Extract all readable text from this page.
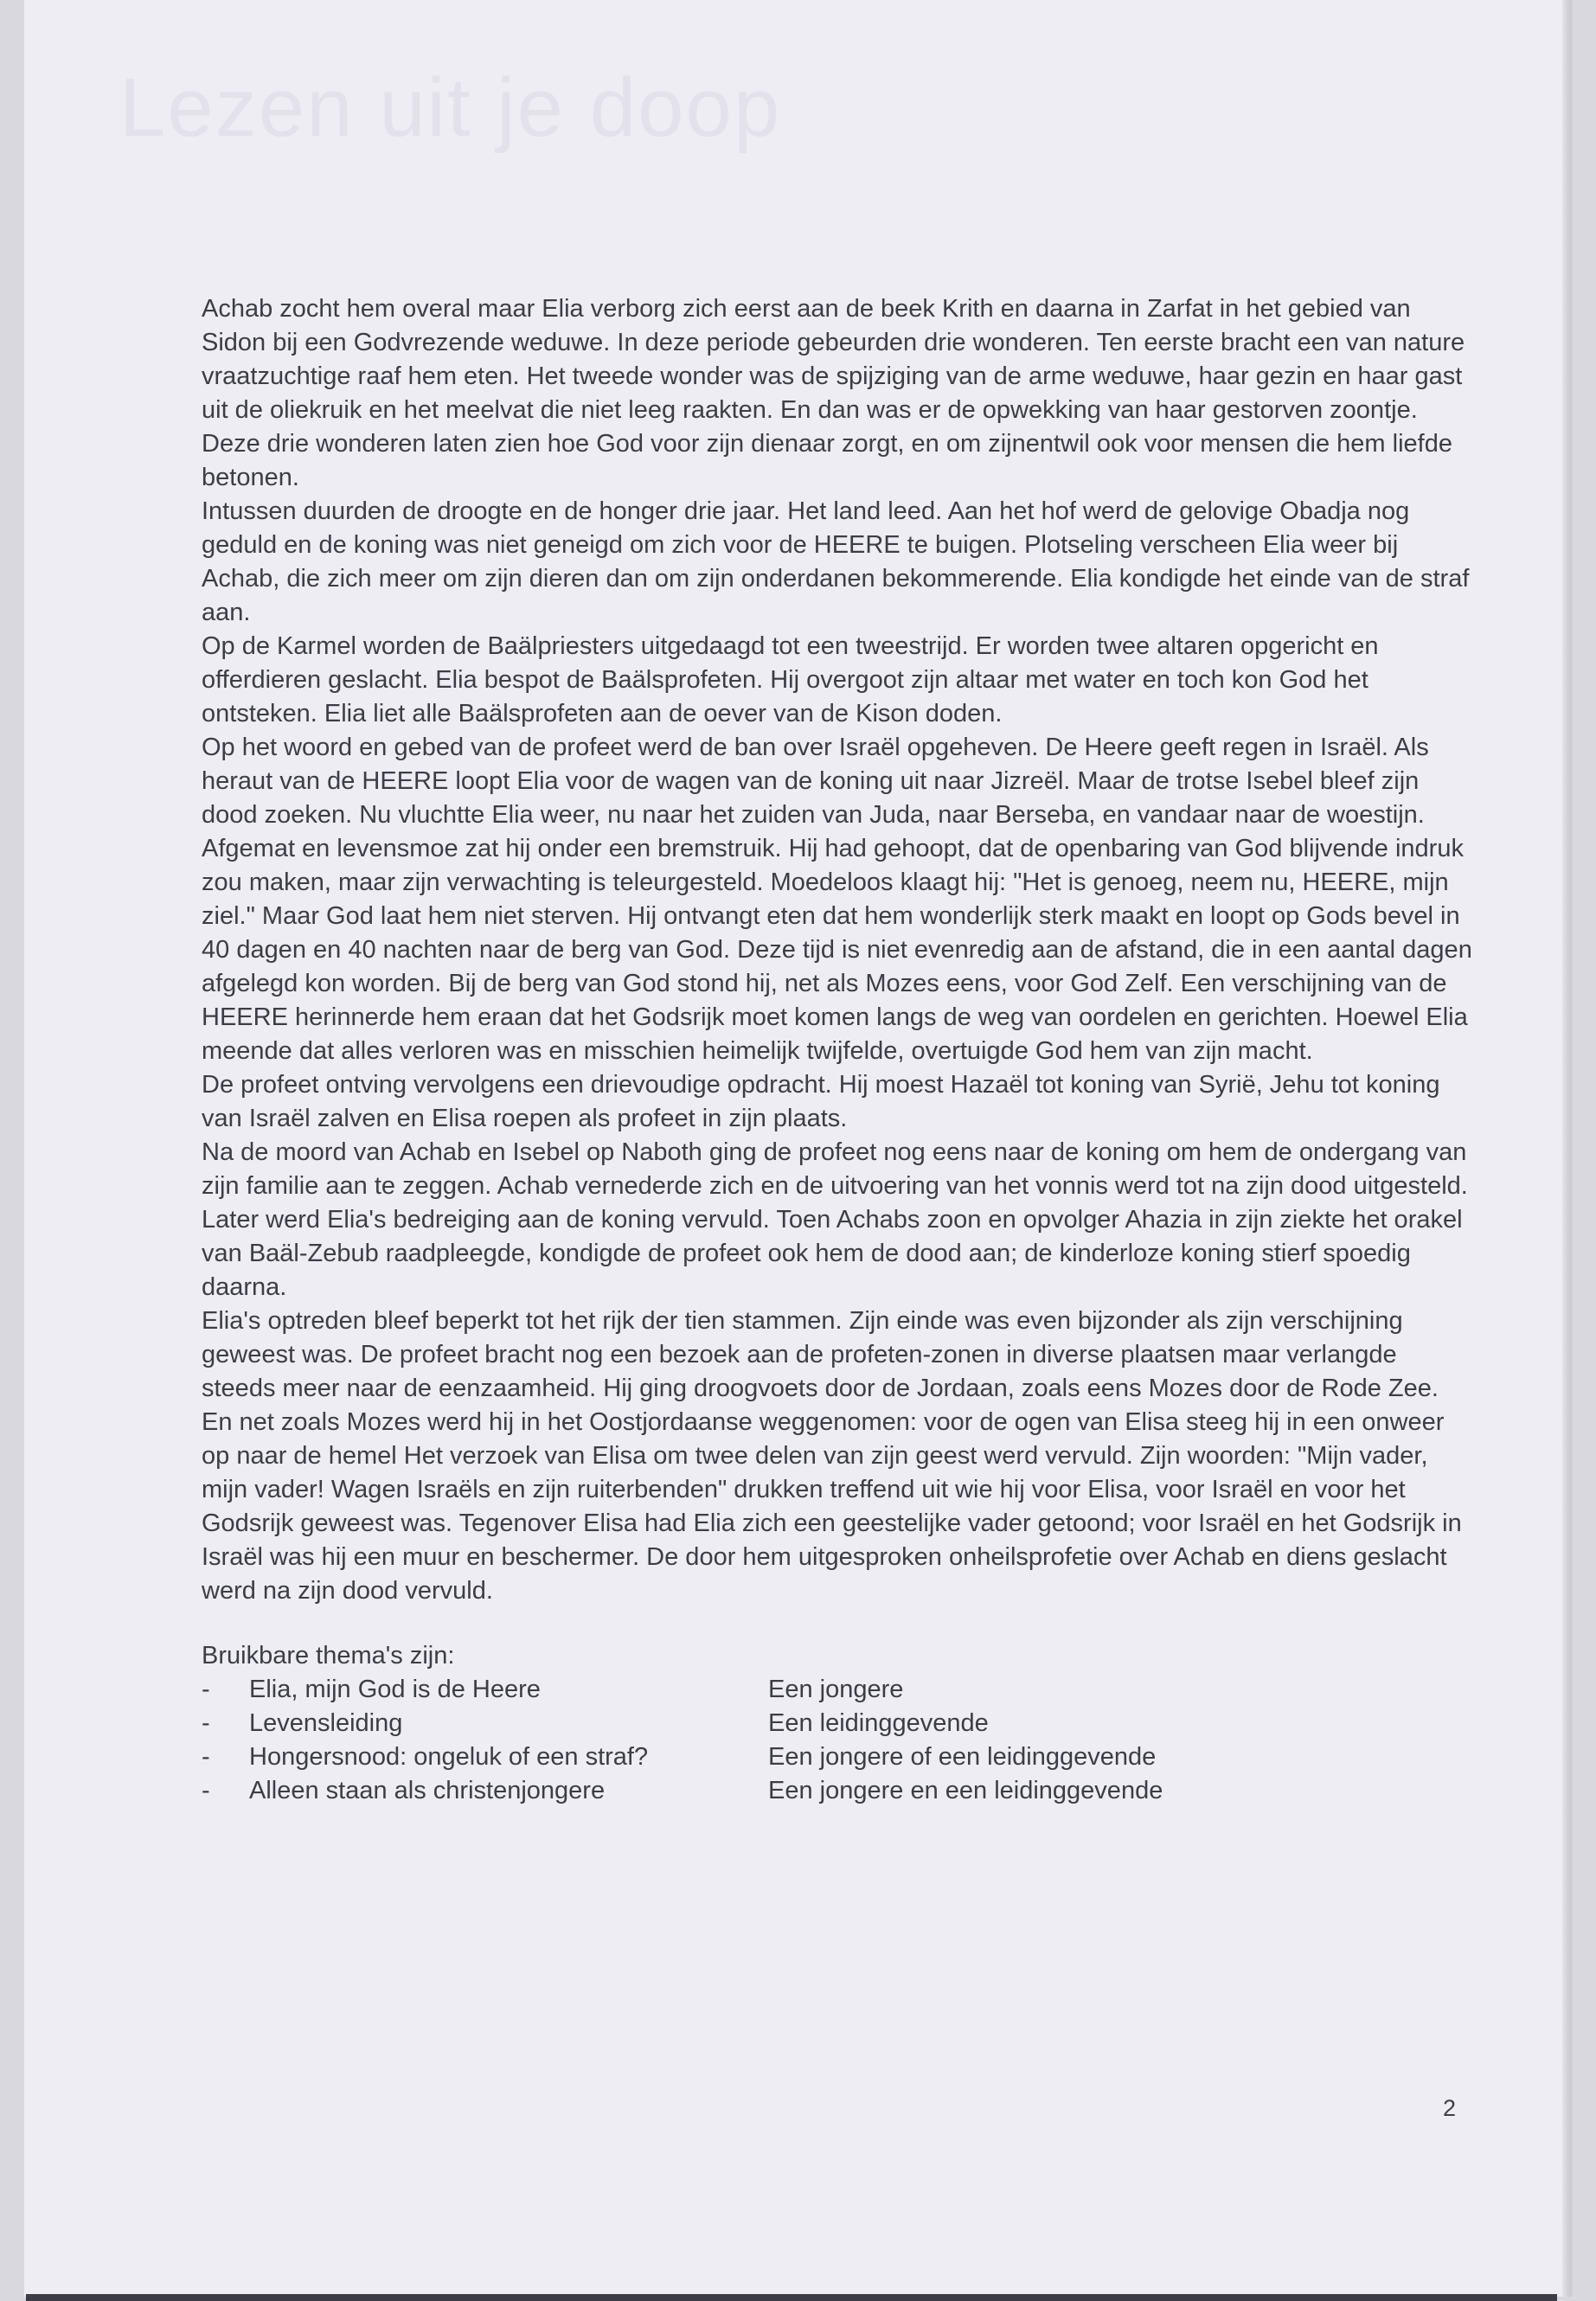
Lezen uit je doop

Achab zocht hem overal maar Elia verborg zich eerst aan de beek Krith en daarna in Zarfat in het gebied van Sidon bij een Godvrezende weduwe. In deze periode gebeurden drie wonderen. Ten eerste bracht een van nature vraatzuchtige raaf hem eten. Het tweede wonder was de spijziging van de arme weduwe, haar gezin en haar gast uit de oliekruik en het meelvat die niet leeg raakten. En dan was er de opwekking van haar gestorven zoontje. Deze drie wonderen laten zien hoe God voor zijn dienaar zorgt, en om zijnentwil ook voor mensen die hem liefde betonen.

Intussen duurden de droogte en de honger drie jaar. Het land leed. Aan het hof werd de gelovige Obadja nog geduld en de koning was niet geneigd om zich voor de HEERE te buigen. Plotseling verscheen Elia weer bij Achab, die zich meer om zijn dieren dan om zijn onderdanen bekommerende. Elia kondigde het einde van de straf aan.

Op de Karmel worden de Baälpriesters uitgedaagd tot een tweestrijd. Er worden twee altaren opgericht en offerdieren geslacht. Elia bespot de Baälsprofeten. Hij overgoot zijn altaar met water en toch kon God het ontsteken. Elia liet alle Baälsprofeten aan de oever van de Kison doden.

Op het woord en gebed van de profeet werd de ban over Israël opgeheven. De Heere geeft regen in Israël. Als heraut van de HEERE loopt Elia voor de wagen van de koning uit naar Jizreël. Maar de trotse Isebel bleef zijn dood zoeken. Nu vluchtte Elia weer, nu naar het zuiden van Juda, naar Berseba, en vandaar naar de woestijn. Afgemat en levensmoe zat hij onder een bremstruik. Hij had gehoopt, dat de openbaring van God blijvende indruk zou maken, maar zijn verwachting is teleurgesteld. Moedeloos klaagt hij: "Het is genoeg, neem nu, HEERE, mijn ziel." Maar God laat hem niet sterven. Hij ontvangt eten dat hem wonderlijk sterk maakt en loopt op Gods bevel in 40 dagen en 40 nachten naar de berg van God. Deze tijd is niet evenredig aan de afstand, die in een aantal dagen afgelegd kon worden. Bij de berg van God stond hij, net als Mozes eens, voor God Zelf. Een verschijning van de HEERE herinnerde hem eraan dat het Godsrijk moet komen langs de weg van oordelen en gerichten. Hoewel Elia meende dat alles verloren was en misschien heimelijk twijfelde, overtuigde God hem van zijn macht.

De profeet ontving vervolgens een drievoudige opdracht. Hij moest Hazaël tot koning van Syrië, Jehu tot koning van Israël zalven en Elisa roepen als profeet in zijn plaats.

Na de moord van Achab en Isebel op Naboth ging de profeet nog eens naar de koning om hem de ondergang van zijn familie aan te zeggen. Achab vernederde zich en de uitvoering van het vonnis werd tot na zijn dood uitgesteld. Later werd Elia's bedreiging aan de koning vervuld. Toen Achabs zoon en opvolger Ahazia in zijn ziekte het orakel van Baäl-Zebub raadpleegde, kondigde de profeet ook hem de dood aan; de kinderloze koning stierf spoedig daarna.

Elia's optreden bleef beperkt tot het rijk der tien stammen. Zijn einde was even bijzonder als zijn verschijning geweest was. De profeet bracht nog een bezoek aan de profeten-zonen in diverse plaatsen maar verlangde steeds meer naar de eenzaamheid. Hij ging droogvoets door de Jordaan, zoals eens Mozes door de Rode Zee. En net zoals Mozes werd hij in het Oostjordaanse weggenomen: voor de ogen van Elisa steeg hij in een onweer op naar de hemel Het verzoek van Elisa om twee delen van zijn geest werd vervuld. Zijn woorden: "Mijn vader, mijn vader! Wagen Israëls en zijn ruiterbenden" drukken treffend uit wie hij voor Elisa, voor Israël en voor het Godsrijk geweest was. Tegenover Elisa had Elia zich een geestelijke vader getoond; voor Israël en het Godsrijk in Israël was hij een muur en beschermer. De door hem uitgesproken onheilsprofetie over Achab en diens geslacht werd na zijn dood vervuld.

Bruikbare thema's zijn:

-	Elia, mijn God is de Heere	Een jongere
-	Levensleiding	Een leidinggevende
-	Hongersnood: ongeluk of een straf?	Een jongere of een leidinggevende
-	Alleen staan als christenjongere	Een jongere en een leidinggevende
2
